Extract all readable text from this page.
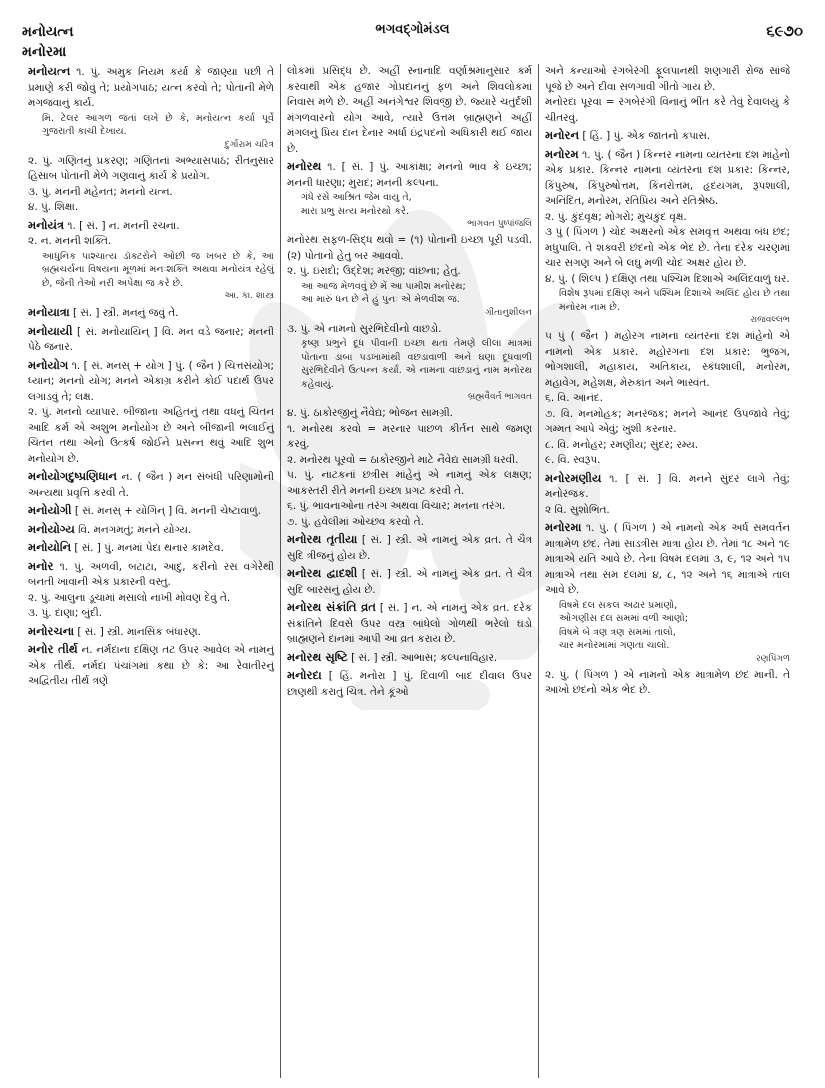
મનોયત્ન
મનોરમા
ભગવદ્ગોમંડલ	૬૯૭૦
મનોયત્ન ૧. પું. અમુક નિયમ કર્યા કે જાણ્યા પછી તે પ્રમાણે કરી જોવું તે; પ્રયોગપાઠ; યત્ન કરવો તે; પોતાની મેળે મગજવાનું કાર્ય.
મિ. ટેલર આગળ જતાં લખે છે કે, મનોયત્ન કર્યા પૂર્વે ગુજરાતી કાચી દેખાય.
દુર્ગારામ ચરિત્ર
૨. પું. ગણિતનું પ્રકરણ; ગણિતનાં અભ્યાસપાઠ; રીતનુસાર હિસાબ પોતાની મેળે ગણવાનું કાર્ય કે પ્રયોગ.
૩. પું. મનની મહેનત; મનનો યત્ન.
૪. પું. શિક્ષા.
મનોયંત્ર ૧. [ સં. ] ન. મનની રચના.
૨. ન. મનની શક્તિ.
આધુનિક પાશ્ચાત્ય ડૉક્ટરોને ઓછી જ ખબર છે કે, આ બ્રહ્મચર્યના વિષયના મૂળમાં મનઃશક્તિ અથવા મનોયંત્ર રહેલું છે, જેની તેઓ નરી અપેક્ષા જ કરે છે.
આ. કા. શાસ્ત્ર
મનોયાત્રા [ સં. ] સ્ત્રી. મનનું જવું તે.
મનોયાયી [ સં. મનોયાયિન્ ] વિ. મન વડે જનાર; મનની પેઠે જનાર.
મનોયોગ ૧. [ સં. મનસ્ + યોગ ] પું. ( જૈન ) ચિત્તસંયોગ; ધ્યાન; મનનો યોગ; મનને એકાગ્ર કરીને કોઈ પદાર્થ ઉપર લગાડવું તે; લક્ષ.
૨. પું. મનનો વ્યાપાર. બીજાના અહિતનું તથા વધનું ચિંતન આદિ કર્મ એ અશુભ મનોયોગ છે અને બીજાની ભલાઈનું ચિંતન તથા એનો ઉત્કર્ષ જોઈને પ્રસન્ન થવું આદિ શુભ મનોયોગ છે.
મનોયોગદુષ્પ્રણિધાન ન. ( જૈન ) મન સંબંધી પરિણામોની અન્યથા પ્રવૃત્તિ કરવી તે.
મનોયોગી [ સં. મનસ્ + યોગિન્ ] વિ. મનની ચેષ્ટાવાળું.
મનોયોગ્ય વિ. મનગમતું; મનને યોગ્ય.
મનોયોનિ [ સં. ] પું. મનમાં પેદા થનાર કામદેવ.
મનોર ૧. પું. અળવી, બટાટા, આદુ, કરીનો રસ વગેરેથી બનતી ખાવાની એક પ્રકારની વસ્તુ.
૨. પું. આલુના ડૂચામાં મસાલો નાખી મોવણ દેવું તે.
૩. પું. દાણા; બુંદી.
મનોરચના [ સં. ] સ્ત્રી. માનસિક બંધારણ.
મનોર તીર્થ ન. નર્મદાના દક્ષિણ તટ ઉપર આવેલ એ નામનું એક તીર્થ. નર્મદા પંચાંગમાં કથા છે કે: આ રેવાતીરનું અદ્વિતીય તીર્થ ત્રણે
લોકમાં પ્રસિદ્ધ છે. અહીં સ્નાનાદિ વર્ણાશ્રમાનુસાર કર્મ કરવાથી એક હજાર ગોપ્રદાનનું ફળ અને શિવલોકમાં નિવાસ મળે છે. અહીં અનંગેશ્વર શિવજી છે. જ્યારે ચતુર્દશી મંગળવારનો યોગ આવે, ત્યારે ઉત્તમ બ્રાહ્મણને અહીં મંગલનું પ્રિય દાન દેનાર અર્ધા ઇંદ્રપદનો અધિકારી થઈ જાય છે.
મનોરથ ૧. [ સં. ] પું. આકાંક્ષા; મનનો ભાવ કે ઇચ્છા; મનની ધારણા; મુરાદ; મનની કલ્પના.
ગંધે રસે આશ્રિત જેમ વાયુ તે,
મારા પ્રભુ સત્ય મનોરથો કરે.
ભાગવત પુષ્પાંજલિ
મનોરથ સફળ-સિદ્ધ થવો = (૧) પોતાની ઇચ્છા પૂરી પડવી. (૨) પોતાનો હેતુ બર આવવો.
૨. પું. ઇરાદો; ઉદ્દેશ; મરજી; વાંછના; હેતુ.
આ આજ મેળવવું છે મેં આ પામીશ મનોરથ;
આ મારું ધન છે ને હું પુનઃ એ મેળવીશ જ.
ગીતાનુશીલન
૩. પું. એ નામનો સુરભિદેવીનો વાછડો.
કૃષ્ણ પ્રભુને દૂધ પીવાની ઇચ્છા થતાં તેમણે લીલા માત્રમાં પોતાના ડાબા પડખામાંથી વછડાવાળી અને ઘણા દૂધવાળી સુરભિદેવીને ઉત્પન્ન કર્યાં. એ નામના વાછડાનું નામ મનોરથ કહેવાયું.
બ્રહ્મવૈવર્ત ભાગવત
૪. પું. ઠાકોરજીનું નૈવેદ્ય; ભોજન સામગ્રી.
૧. મનોરથ કરવો = મરનાર પાછળ કીર્તન સાથે જમણ કરવું.
૨. મનોરથ પૂરવો = ઠાકોરજીને માટે નૈવેદ્ય સામગ્રી ધરવી.
૫. પું. નાટકનાં છત્રીસ માંહેનું એ નામનું એક લક્ષણ; આકસ્તરી રીતે મનની ઇચ્છા પ્રગટ કરવી તે.
૬. પું. ભાવનાઓના તરંગ અથવા વિચાર; મનના તરંગ.
૭. પું. હવેલીમાં ઓચ્છવ કરવો તે.
મનોરથ તૃતીયા [ સં. ] સ્ત્રી. એ નામનું એક વ્રત. તે ચૈત્ર સુદિ ત્રીજનું હોય છે.
મનોરથ દ્વાદશી [ સં. ] સ્ત્રી. એ નામનું એક વ્રત. તે ચૈત્ર સુદિ બારસનું હોય છે.
મનોરથ સંક્રાંતિ વ્રત [ સં. ] ન. એ નામનું એક વ્રત. દરેક સંક્રાંતિને દિવસે ઉપર વસ્ત્ર બાંધેલો ગોળથી ભરેલો ઘડો બ્રાહ્મણને દાનમાં આપી આ વ્રત કરાય છે.
મનોરથ સૃષ્ટિ [ સં. ] સ્ત્રી. આભાસ; કલ્પનાવિહાર.
મનોરદા [ હિં. મનોરા ] પું. દિવાળી બાદ દીવાલ ઉપર છાણથી કરાતું ચિત્ર. તેને કૂંઓ
અને કન્યાઓ રંગબેરંગી ફૂલપાનથી શણગારી રોજ સાંજે પૂજે છે અને દીવા સળગાવી ગીતો ગાય છે.
મનોરદા પૂરવા = રંગબેરંગી વિનાનું ભીંત કરે તેવું દેવાલયું કે ચીતરવું.
મનોરન [ હિં. ] પું. એક જાતનો કપાસ.
મનોરમ ૧. પું. ( જૈન ) કિન્નર નામના વ્યંતરના દશ માંહેનો એક પ્રકાર. કિન્નર નામના વ્યંતરના દશ પ્રકાર: કિન્નર, કિંપુરુષ, કિંપુરુષોત્તમ, કિંનરોત્તમ, હૃદયંગમ, રૂપશાલી, અનિંદિત, મનોરમ, રતિપ્રિય અને રતિશ્રેષ્ઠ.
૨. પું. કુંદવૃક્ષ; મોગરો; મુચકુંદ વૃક્ષ.
૩ પું ( પિંગળ ) ચોદ અક્ષરનો એક સમવૃત્ત અથવા બંધ છંદ; મધુપાલિ. તે શક્વરી છંદનો એક ભેદ છે. તેના દરેક ચરણમાં ચાર સગણ અને બે લઘુ મળી ચોદ અક્ષર હોય છે.
૪. પું. ( શિલ્પ ) દક્ષિણ તથા પશ્ચિમ દિશાએ અલિંદવાળું ઘર.
વિશેષ રૂપમાં દક્ષિણ અને પશ્ચિમ દિશાએ અલિંદ હોય છે તથા મનોરમ નામ છે.
રાજવલ્લભ
૫ પું ( જૈન ) મહોરગ નામના વ્યંતરના દશ માંહેનો એ નામનો એક પ્રકાર. મહોરગના દશ પ્રકાર: ભુજગ, ભોગશાલી, મહાકાય, અતિકાય, સ્કંધશાલી, મનોરમ, મહાવેગ, મહેશક્ષ, મેરુકાંત અને ભાસ્વંત.
૬. વિ. આનંદ.
૭. વિ. મનમોહક; મનરંજક; મનને આનંદ ઉપજાવે તેવું; ગમ્મત આપે એવું; ખુશી કરનાર.
૮. વિ. મનોહર; રમણીય; સુંદર; રમ્ય.
૯. વિ. સ્વરૂપ.
મનોરમણીય ૧. [ સં. ] વિ. મનને સુંદર લાગે તેવું; મનોરંજક.
૨ વિ. સુશોભિત.
મનોરમા ૧. પું. ( પિંગળ ) એ નામનો એક અર્ધ સમવર્તન માત્રામેળ છંદ. તેમાં સાડત્રીસ માત્રા હોય છે. તેમાં ૧૮ અને ૧૯ માત્રાએ યતિ આવે છે. તેના વિષમ દલમાં ૩, ૯, ૧૨ અને ૧૫ માત્રાએ તથા સમ દલમાં ૪, ૮, ૧૨ અને ૧૬ માત્રાએ તાલ આવે છે.
વિષમે દલ સકલ અઢાર પ્રમાણો,
ઓગણીસ દલ સમમાં વળી આણો;
વિષમે બે ત્રણ ત્રણ સમમાં તાલો,
ચાર મનોરમામાં ગણતા ચાલો.
રણપિંગળ
૨. પું. ( પિંગળ ) એ નામનો એક માત્રામેળ છંદ માની. તે આખો છંદનો એક ભેદ છે.
